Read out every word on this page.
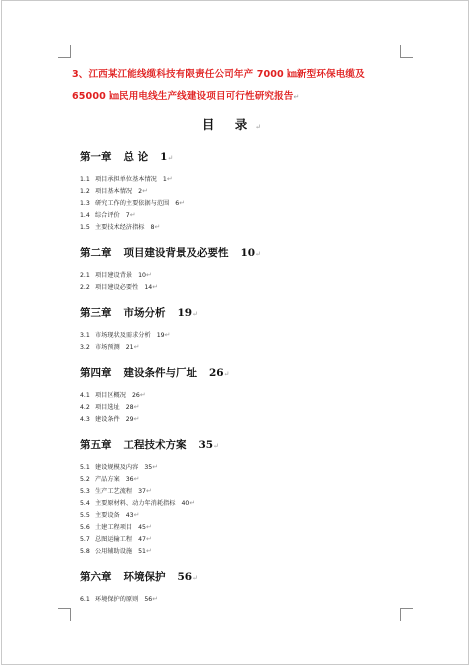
3、江西某江能线缆科技有限责任公司年产 7000 ㎞新型环保电缆及
65000 ㎞民用电线生产线建设项目可行性研究报告↵
目 录↵
第一章 总 论 1↵
1.1 项目承担单位基本情况 1↵
1.2 项目基本情况 2↵
1.3 研究工作的主要依据与范围 6↵
1.4 综合评价 7↵
1.5 主要技术经济指标 8↵
第二章 项目建设背景及必要性 10↵
2.1 项目建设背景 10↵
2.2 项目建设必要性 14↵
第三章 市场分析 19↵
3.1 市场现状及需求分析 19↵
3.2 市场预测 21↵
第四章 建设条件与厂址 26↵
4.1 项目区概况 26↵
4.2 项目选址 28↵
4.3 建设条件 29↵
第五章 工程技术方案 35↵
5.1 建设规模及内容 35↵
5.2 产品方案 36↵
5.3 生产工艺流程 37↵
5.4 主要原材料、动力年消耗指标 40↵
5.5 主要设备 43↵
5.6 土建工程项目 45↵
5.7 总图运输工程 47↵
5.8 公用辅助设施 51↵
第六章 环境保护 56↵
6.1 环境保护的原则 56↵
